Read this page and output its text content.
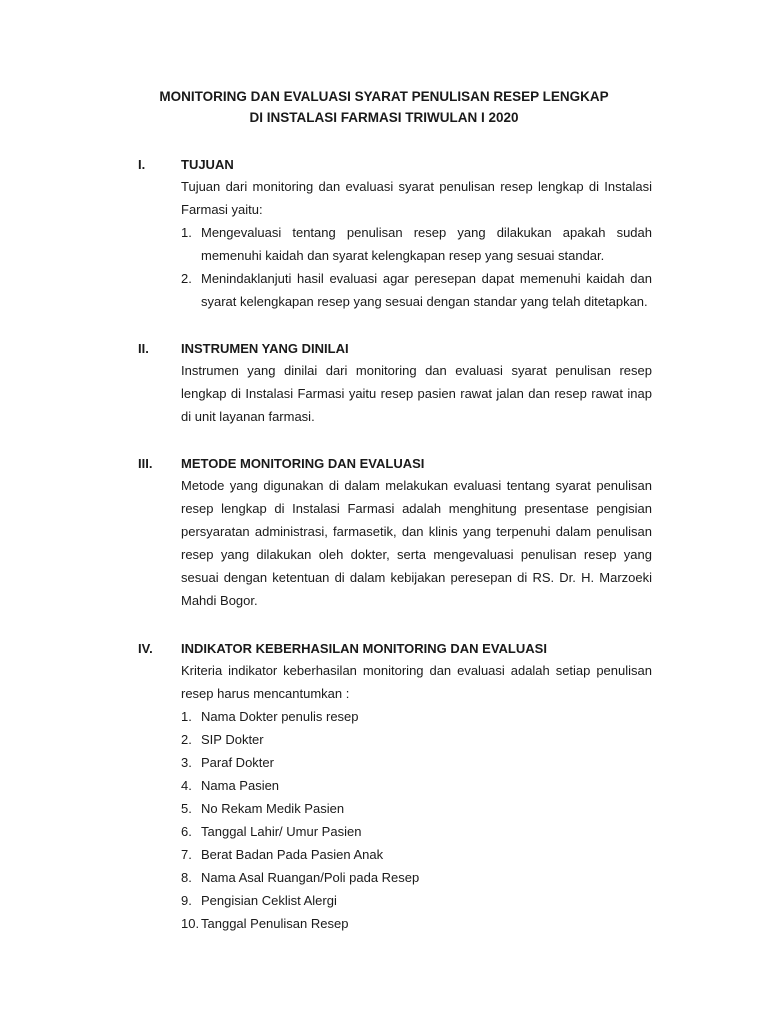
MONITORING DAN EVALUASI SYARAT PENULISAN RESEP LENGKAP
DI INSTALASI FARMASI TRIWULAN I 2020
I.	TUJUAN

Tujuan dari monitoring dan evaluasi syarat penulisan resep lengkap di Instalasi Farmasi yaitu:

1. Mengevaluasi tentang penulisan resep yang dilakukan apakah sudah memenuhi kaidah dan syarat kelengkapan resep yang sesuai standar.
2. Menindaklanjuti hasil evaluasi agar peresepan dapat memenuhi kaidah dan syarat kelengkapan resep yang sesuai dengan standar yang telah ditetapkan.
II.	INSTRUMEN YANG DINILAI

Instrumen yang dinilai dari monitoring dan evaluasi syarat penulisan resep lengkap di Instalasi Farmasi yaitu resep pasien rawat jalan dan resep rawat inap di unit layanan farmasi.

III.	METODE MONITORING DAN EVALUASI

Metode yang digunakan di dalam melakukan evaluasi tentang syarat penulisan resep lengkap di Instalasi Farmasi adalah menghitung presentase pengisian persyaratan administrasi, farmasetik, dan klinis yang terpenuhi dalam penulisan resep yang dilakukan oleh dokter, serta mengevaluasi penulisan resep yang sesuai dengan ketentuan di dalam kebijakan peresepan di RS. Dr. H. Marzoeki Mahdi Bogor.

IV.	INDIKATOR KEBERHASILAN MONITORING DAN EVALUASI

Kriteria indikator keberhasilan monitoring dan evaluasi adalah setiap penulisan resep harus mencantumkan :

1. Nama Dokter penulis resep
2. SIP Dokter
3. Paraf Dokter
4. Nama Pasien
5. No Rekam Medik Pasien
6. Tanggal Lahir/ Umur Pasien
7. Berat Badan Pada Pasien Anak
8. Nama Asal Ruangan/Poli pada Resep
9. Pengisian Ceklist Alergi
10. Tanggal Penulisan Resep
